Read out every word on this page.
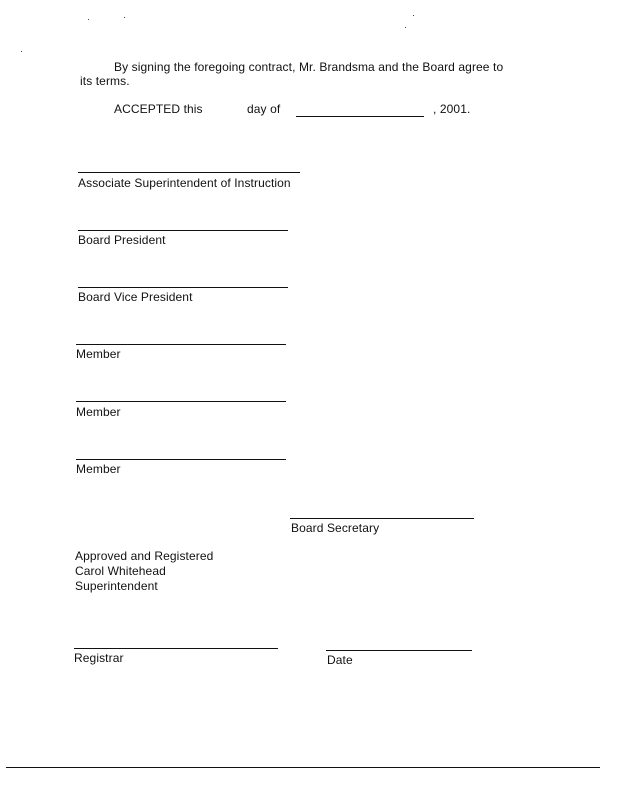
By signing the foregoing contract, Mr. Brandsma and the Board agree to
its terms.
ACCEPTED this	day of	, 2001.
Associate Superintendent of Instruction
Board President
Board Vice President
Member
Member
Member
Board Secretary
Approved and Registered
Carol Whitehead
Superintendent
Registrar	Date
